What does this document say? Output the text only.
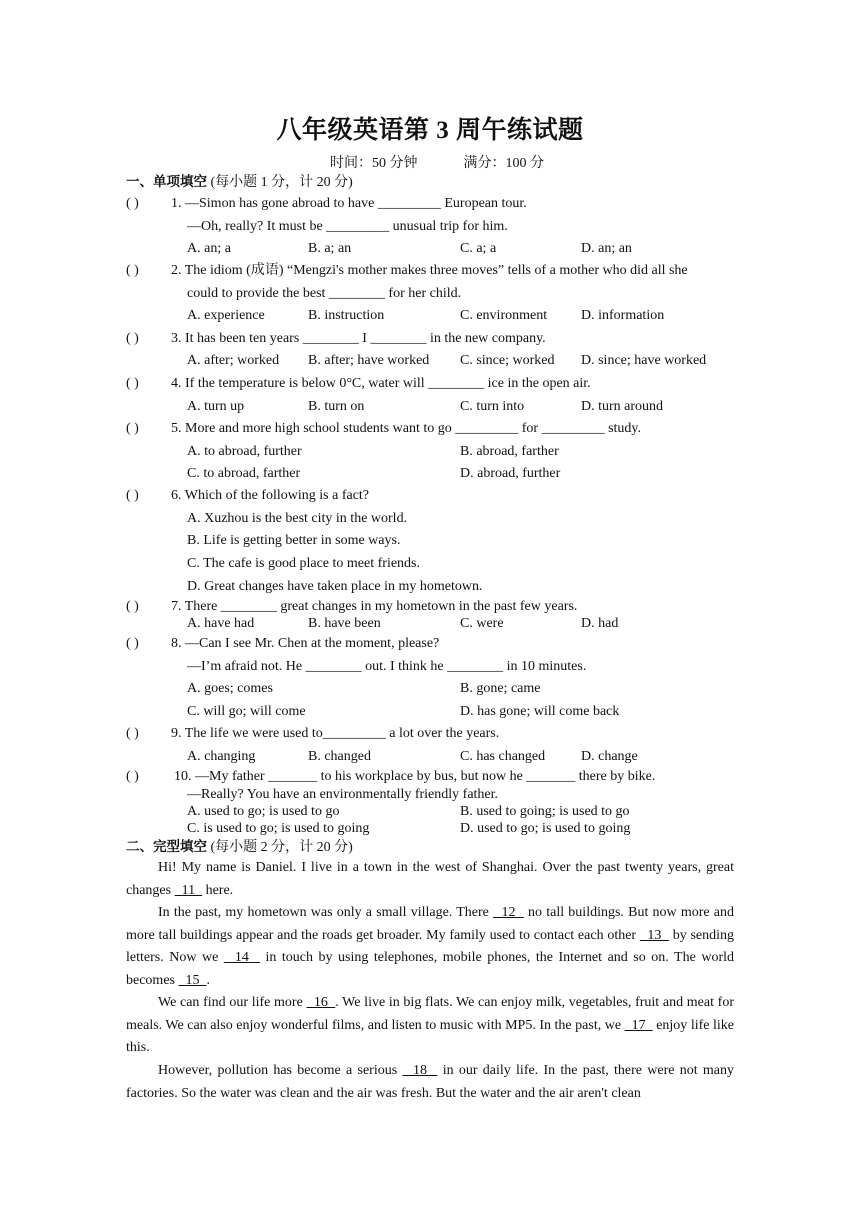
八年级英语第 3 周午练试题
时间：50 分钟	满分：100 分
一、单项填空 (每小题 1 分，计 20 分)
( ) 1. —Simon has gone abroad to have _________ European tour.
—Oh, really? It must be _________ unusual trip for him.
A. an; a	B. a; an	C. a; a	D. an; an
( ) 2. The idiom (成语) “Mengzi's mother makes three moves” tells of a mother who did all she
could to provide the best ________ for her child.
A. experience	B. instruction	C. environment D. information
( ) 3. It has been ten years ________ I ________ in the new company.
A. after; worked B. after; have worked C. since; worked D. since; have worked
( ) 4. If the temperature is below 0°C, water will ________ ice in the open air.
A. turn up	B. turn on	C. turn into	D. turn around
( ) 5. More and more high school students want to go _________ for _________ study.
A. to abroad, further	B. abroad, farther
C. to abroad, farther	D. abroad, further
( ) 6. Which of the following is a fact?
A. Xuzhou is the best city in the world.
B. Life is getting better in some ways.
C. The cafe is good place to meet friends.
D. Great changes have taken place in my hometown.
( ) 7. There ________ great changes in my hometown in the past few years.
A. have had	B. have been	C. were	D. had
( ) 8. —Can I see Mr. Chen at the moment, please?
—I’m afraid not. He ________ out. I think he ________ in 10 minutes.
A. goes; comes	B. gone; came
C. will go; will come	D. has gone; will come back
( ) 9. The life we were used to_________ a lot over the years.
A. changing	B. changed	C. has changed	D. change
( )	10. —My father _______ to his workplace by bus, but now he _______ there by bike.
—Really? You have an environmentally friendly father.
A. used to go; is used to go	B. used to going; is used to go
C. is used to go; is used to going	D. used to go; is used to going
二、完型填空 (每小题 2 分，计 20 分)
Hi! My name is Daniel. I live in a town in the west of Shanghai. Over the past twenty years, great changes   11   here.
In the past, my hometown was only a small village. There   12   no tall buildings. But now more and more tall buildings appear and the roads get broader. My family used to contact each other   13   by sending letters. Now we   14   in touch by using telephones, mobile phones, the Internet and so on. The world becomes   15  .
We can find our life more   16  . We live in big flats. We can enjoy milk, vegetables, fruit and meat for meals. We can also enjoy wonderful films, and listen to music with MP5. In the past, we   17   enjoy life like this.
However, pollution has become a serious   18   in our daily life. In the past, there were not many factories. So the water was clean and the air was fresh. But the water and the air aren't clean
